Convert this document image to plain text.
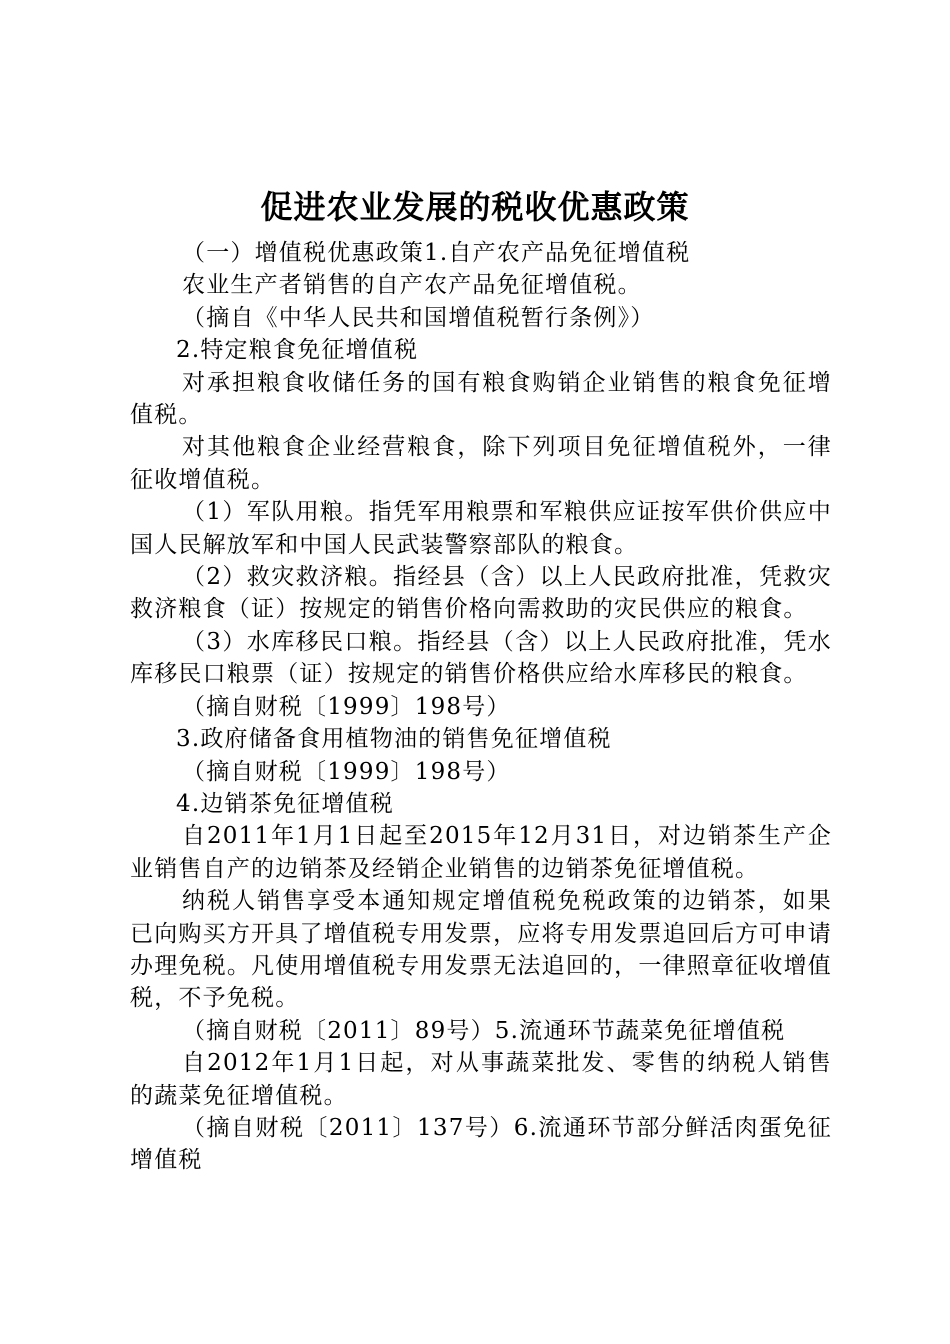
促进农业发展的税收优惠政策

（一）增值税优惠政策1.自产农产品免征增值税

农业生产者销售的自产农产品免征增值税。

（摘自《中华人民共和国增值税暂行条例》）

2.特定粮食免征增值税

对承担粮食收储任务的国有粮食购销企业销售的粮食免征增值税。

对其他粮食企业经营粮食，除下列项目免征增值税外，一律征收增值税。

（1）军队用粮。指凭军用粮票和军粮供应证按军供价供应中国人民解放军和中国人民武装警察部队的粮食。

（2）救灾救济粮。指经县（含）以上人民政府批准，凭救灾救济粮食（证）按规定的销售价格向需救助的灾民供应的粮食。

（3）水库移民口粮。指经县（含）以上人民政府批准，凭水库移民口粮票（证）按规定的销售价格供应给水库移民的粮食。

（摘自财税〔1999〕198号）

3.政府储备食用植物油的销售免征增值税

（摘自财税〔1999〕198号）

4.边销茶免征增值税

自2011年1月1日起至2015年12月31日，对边销茶生产企业销售自产的边销茶及经销企业销售的边销茶免征增值税。

纳税人销售享受本通知规定增值税免税政策的边销茶，如果已向购买方开具了增值税专用发票，应将专用发票追回后方可申请办理免税。凡使用增值税专用发票无法追回的，一律照章征收增值税，不予免税。

（摘自财税〔2011〕89号）5.流通环节蔬菜免征增值税

自2012年1月1日起，对从事蔬菜批发、零售的纳税人销售的蔬菜免征增值税。

（摘自财税〔2011〕137号）6.流通环节部分鲜活肉蛋免征增值税
